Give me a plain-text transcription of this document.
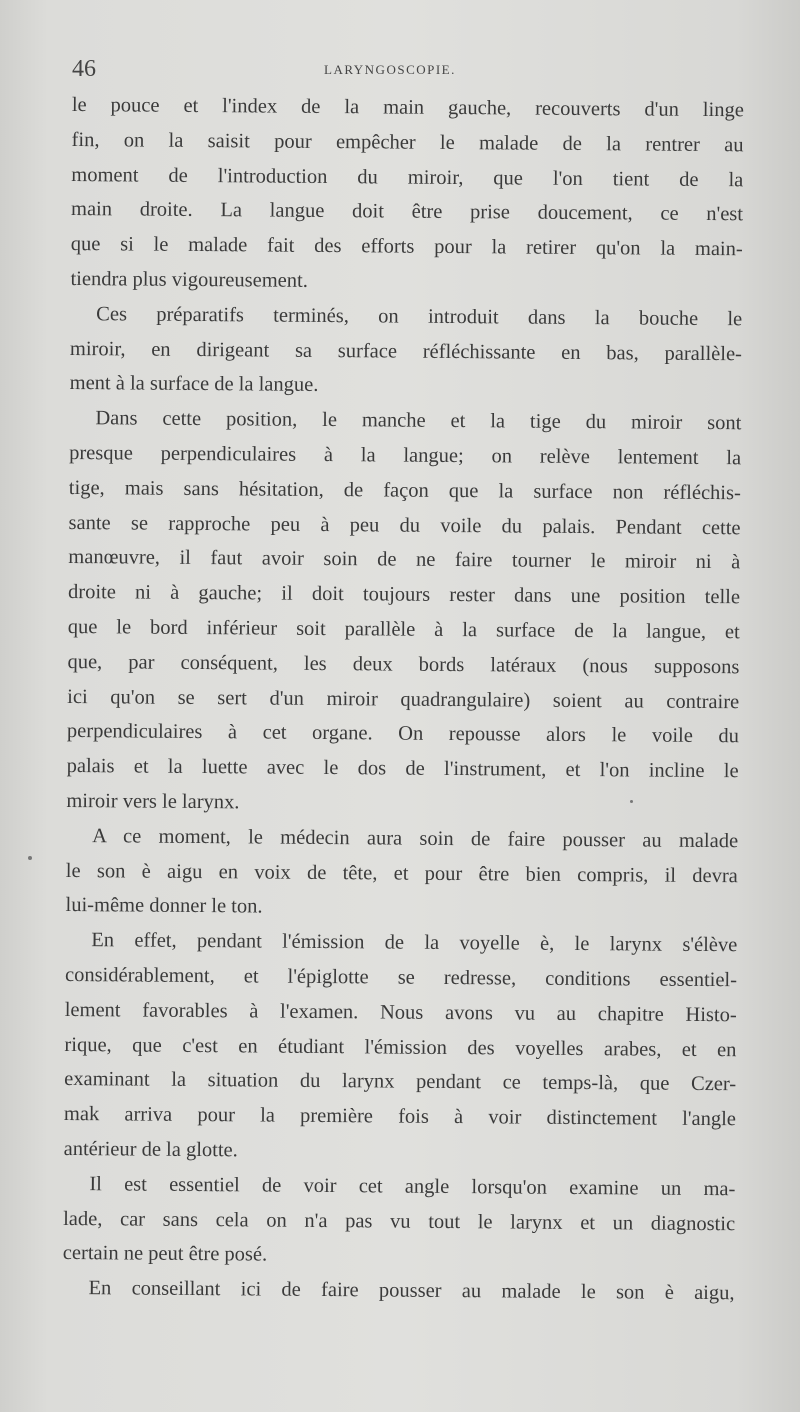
46	LARYNGOSCOPIE.
le pouce et l'index de la main gauche, recouverts d'un linge
fin, on la saisit pour empêcher le malade de la rentrer au
moment de l'introduction du miroir, que l'on tient de la
main droite. La langue doit être prise doucement, ce n'est
que si le malade fait des efforts pour la retirer qu'on la main-
tiendra plus vigoureusement.
Ces préparatifs terminés, on introduit dans la bouche le
miroir, en dirigeant sa surface réfléchissante en bas, parallèle-
ment à la surface de la langue.
Dans cette position, le manche et la tige du miroir sont
presque perpendiculaires à la langue; on relève lentement la
tige, mais sans hésitation, de façon que la surface non réfléchis-
sante se rapproche peu à peu du voile du palais. Pendant cette
manœuvre, il faut avoir soin de ne faire tourner le miroir ni à
droite ni à gauche; il doit toujours rester dans une position telle
que le bord inférieur soit parallèle à la surface de la langue, et
que, par conséquent, les deux bords latéraux (nous supposons
ici qu'on se sert d'un miroir quadrangulaire) soient au contraire
perpendiculaires à cet organe. On repousse alors le voile du
palais et la luette avec le dos de l'instrument, et l'on incline le
miroir vers le larynx.
A ce moment, le médecin aura soin de faire pousser au malade
le son è aigu en voix de tête, et pour être bien compris, il devra
lui-même donner le ton.
En effet, pendant l'émission de la voyelle è, le larynx s'élève
considérablement, et l'épiglotte se redresse, conditions essentiel-
lement favorables à l'examen. Nous avons vu au chapitre Histo-
rique, que c'est en étudiant l'émission des voyelles arabes, et en
examinant la situation du larynx pendant ce temps-là, que Czer-
mak arriva pour la première fois à voir distinctement l'angle
antérieur de la glotte.
Il est essentiel de voir cet angle lorsqu'on examine un ma-
lade, car sans cela on n'a pas vu tout le larynx et un diagnostic
certain ne peut être posé.
En conseillant ici de faire pousser au malade le son è aigu,
